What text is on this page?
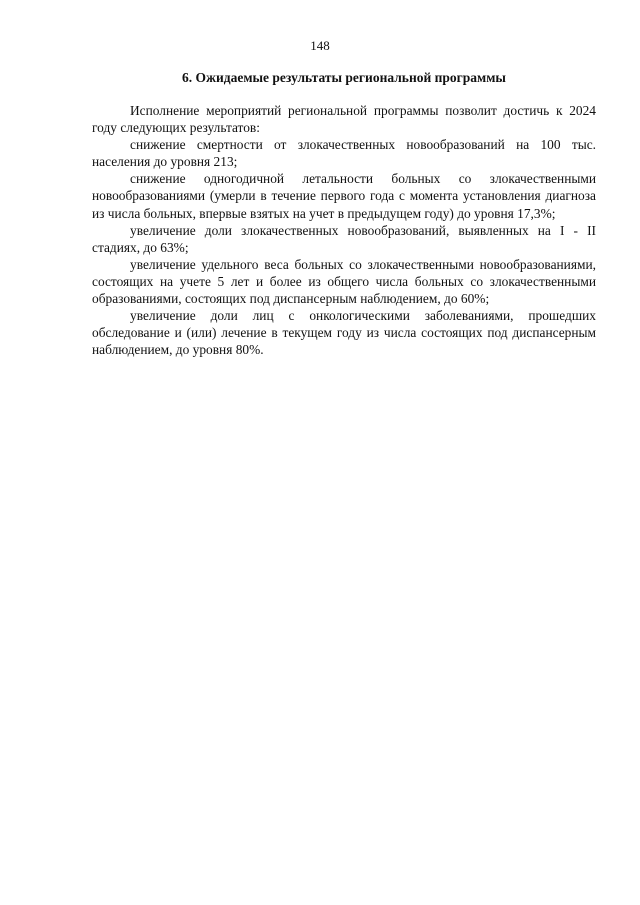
148
6. Ожидаемые результаты региональной программы

Исполнение мероприятий региональной программы позволит достичь к 2024 году следующих результатов:

снижение смертности от злокачественных новообразований на 100 тыс. населения до уровня 213;

снижение одногодичной летальности больных со злокачественными новообразованиями (умерли в течение первого года с момента установления диагноза из числа больных, впервые взятых на учет в предыдущем году) до уровня 17,3%;

увеличение доли злокачественных новообразований, выявленных на I - II стадиях, до 63%;

увеличение удельного веса больных со злокачественными новообразованиями, состоящих на учете 5 лет и более из общего числа больных со злокачественными образованиями, состоящих под диспансерным наблюдением, до 60%;

увеличение доли лиц с онкологическими заболеваниями, прошедших обследование и (или) лечение в текущем году из числа состоящих под диспансерным наблюдением, до уровня 80%.
